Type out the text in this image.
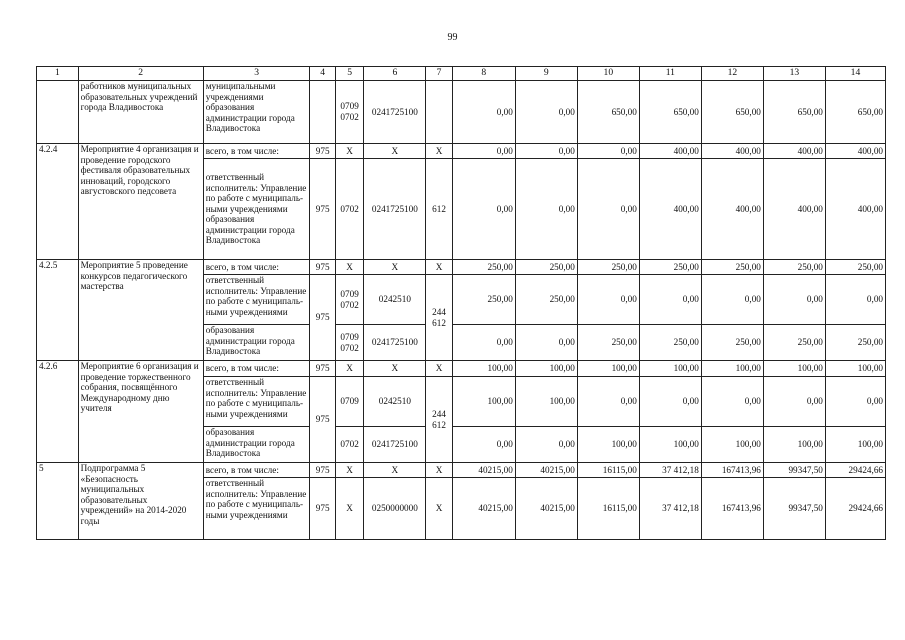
99
1	2	3	4	5	6	7	8	9	10	11	12	13	14
	работников муниципальных образовательных учреждений города Владивостока	муниципальными учреждениями образования администрации города Владивостока		0709 0702	0241725100		0,00	0,00	650,00	650,00	650,00	650,00	650,00
4.2.4	Мероприятие 4 организация и проведение городского фестиваля образовательных инноваций, городского августовского педсовета	всего, в том числе:	975	X	X	X	0,00	0,00	0,00	400,00	400,00	400,00	400,00
		ответственный исполнитель: Управление по работе с муниципаль-ными учреждениями образования администрации города Владивостока	975	0702	0241725100	612	0,00	0,00	0,00	400,00	400,00	400,00	400,00
4.2.5	Мероприятие 5 проведение конкурсов педагогического мастерства	всего, в том числе:	975	X	X	X	250,00	250,00	250,00	250,00	250,00	250,00	250,00
		ответственный исполнитель: Управление по работе с муниципаль-ными учреждениями	975	0709 0702	0242510	244 612	250,00	250,00	0,00	0,00	0,00	0,00	0,00
		образования администрации города Владивостока		0709 0702	0241725100		0,00	0,00	250,00	250,00	250,00	250,00	250,00
4.2.6	Мероприятие 6 организация и проведение торжественного собрания, посвящённого Международному дню учителя	всего, в том числе:	975	X	X	X	100,00	100,00	100,00	100,00	100,00	100,00	100,00
		ответственный исполнитель: Управление по работе с муниципаль-ными учреждениями	975	0709	0242510	244 612	100,00	100,00	0,00	0,00	0,00	0,00	0,00
		образования администрации города Владивостока		0702	0241725100		0,00	0,00	100,00	100,00	100,00	100,00	100,00
5	Подпрограмма 5 «Безопасность муниципальных образовательных учреждений» на 2014-2020 годы	всего, в том числе:	975	X	X	X	40215,00	40215,00	16115,00	37 412,18	167413,96	99347,50	29424,66
		ответственный исполнитель: Управление по работе с муниципаль-ными учреждениями	975	X	0250000000	X	40215,00	40215,00	16115,00	37 412,18	167413,96	99347,50	29424,66
